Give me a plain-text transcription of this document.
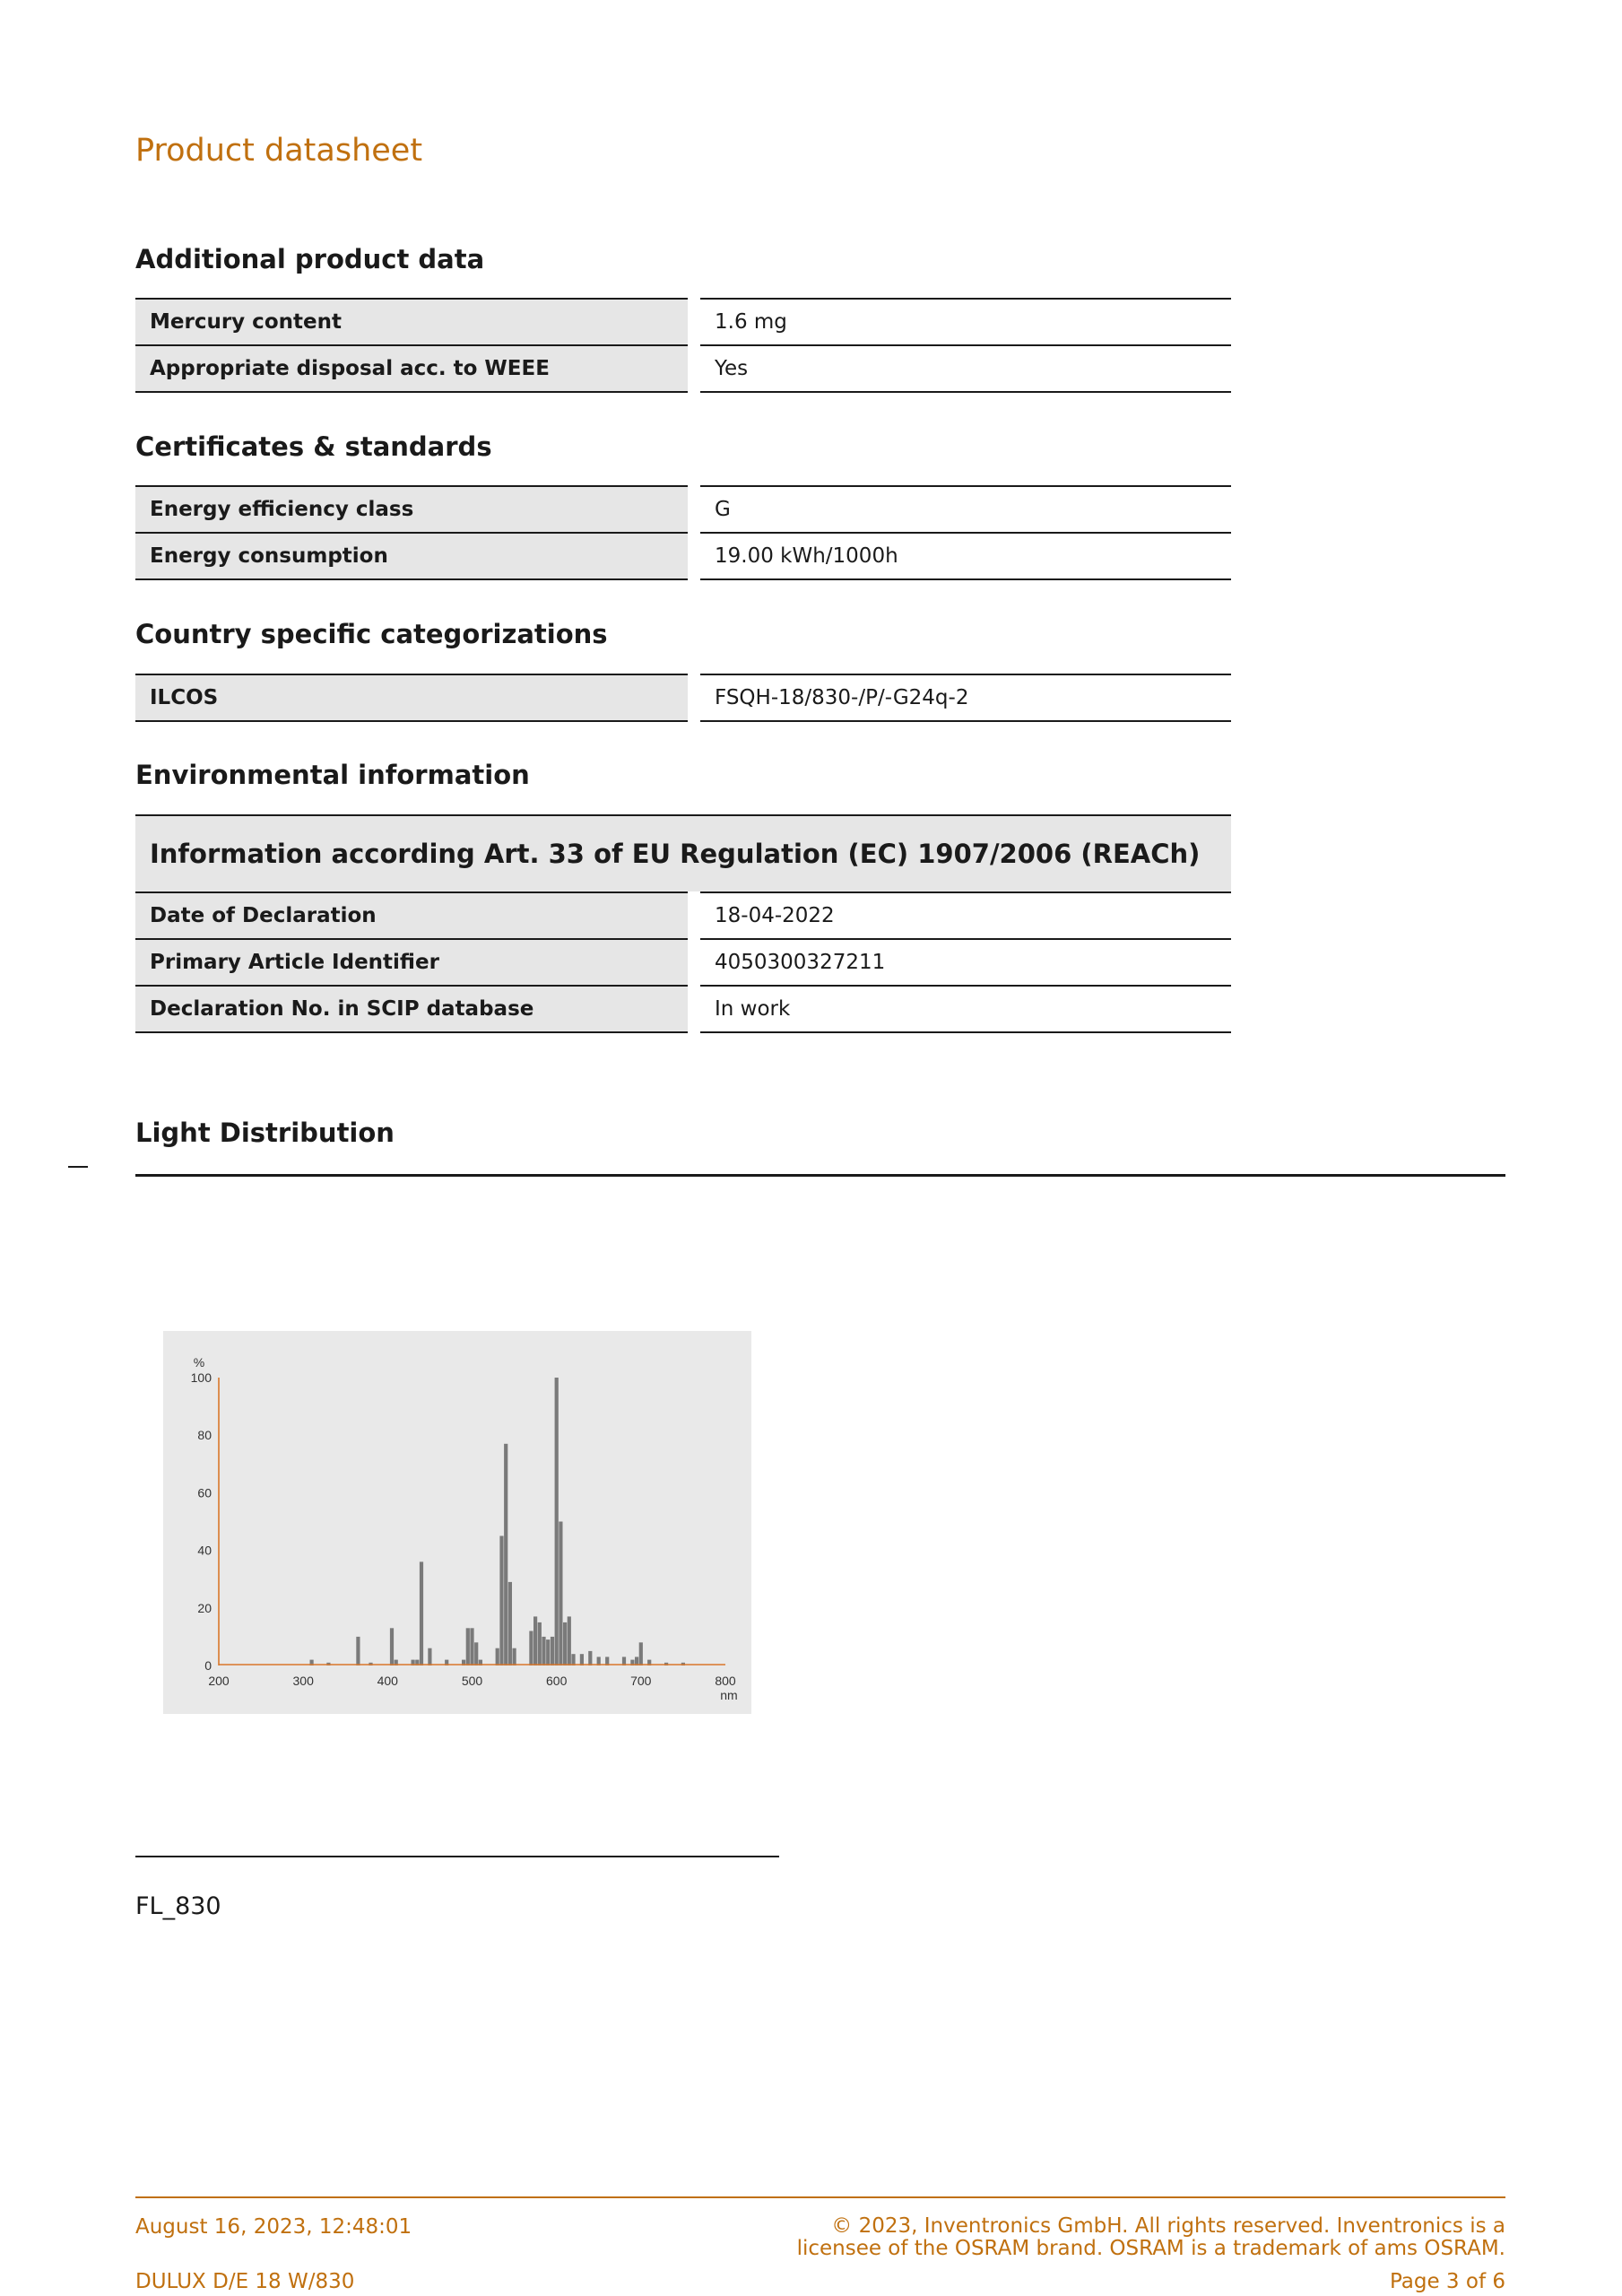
Product datasheet
Additional product data
Mercury content	1.6 mg
Appropriate disposal acc. to WEEE	Yes
Certificates & standards
Energy efficiency class	G
Energy consumption	19.00 kWh/1000h
Country specific categorizations
ILCOS	FSQH-18/830-/P/-G24q-2
Environmental information
Information according Art. 33 of EU Regulation (EC) 1907/2006 (REACh)	
Date of Declaration	18-04-2022
Primary Article Identifier	4050300327211
Declaration No. in SCIP database	In work
Light Distribution
0
20
40
60
80
100
%
200	300	400	500	600	700	800
nm
FL_830
August 16, 2023, 12:48:01
DULUX D/E 18 W/830
© 2023, Inventronics GmbH. All rights reserved. Inventronics is a
licensee of the OSRAM brand. OSRAM is a trademark of ams OSRAM.
Page 3 of 6
